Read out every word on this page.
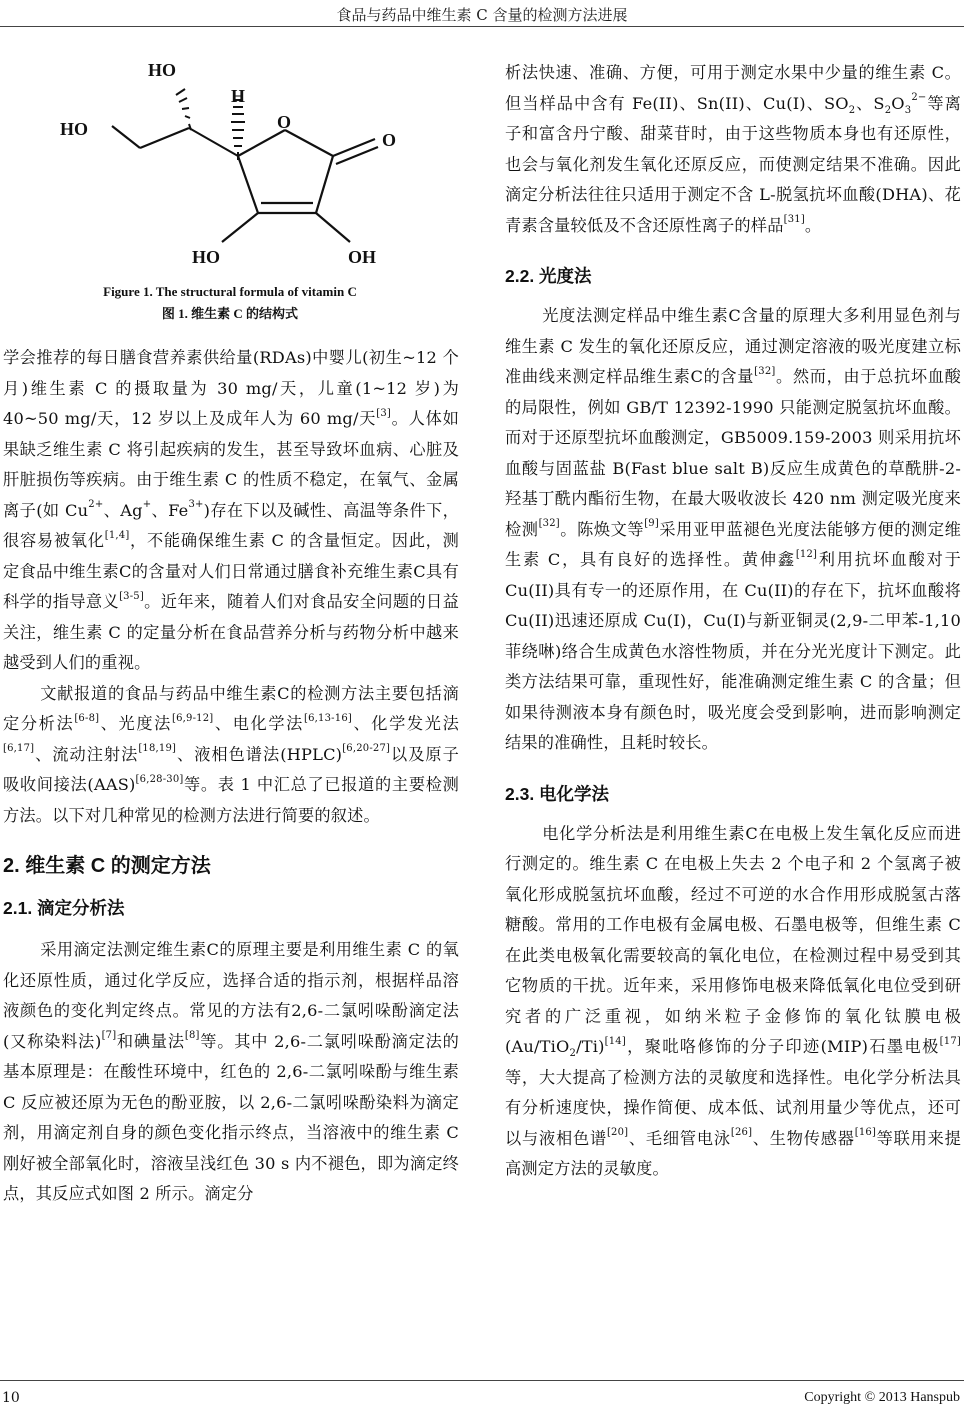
食品与药品中维生素 C 含量的检测方法进展
HO
H
HO	O
O
HO	OH
Figure 1. The structural formula of vitamin C
图 1. 维生素 C 的结构式

学会推荐的每日膳食营养素供给量(RDAs)中婴儿(初生~12 个月)维生素 C 的摄取量为 30 mg/天，儿童(1~12 岁)为 40~50 mg/天，12 岁以上及成年人为 60 mg/天[3]。人体如果缺乏维生素 C 将引起疾病的发生，甚至导致坏血病、心脏及肝脏损伤等疾病。由于维生素 C 的性质不稳定，在氧气、金属离子(如 $Cu^{2+}$、Ag+、$Fe^{3+}$)存在下以及碱性、高温等条件下，很容易被氧化[1,4]，不能确保维生素 C 的含量恒定。因此，测定食品中维生素C的含量对人们日常通过膳食补充维生素C具有科学的指导意义[3-5]。近年来，随着人们对食品安全问题的日益关注，维生素 C 的定量分析在食品营养分析与药物分析中越来越受到人们的重视。

文献报道的食品与药品中维生素C的检测方法主要包括滴定分析法[6-8]、光度法[6,9-12]、电化学法[6,13-16]、化学发光法[6,17]、流动注射法[18,19]、液相色谱法(HPLC)[6,20-27]以及原子吸收间接法(AAS)[6,28-30]等。表 1 中汇总了已报道的主要检测方法。以下对几种常见的检测方法进行简要的叙述。

2. 维生素 C 的测定方法
2.1. 滴定分析法

采用滴定法测定维生素C的原理主要是利用维生素 C 的氧化还原性质，通过化学反应，选择合适的指示剂，根据样品溶液颜色的变化判定终点。常见的方法有2,6-二氯吲哚酚滴定法(又称染料法)[7]和碘量法[8]等。其中 2,6-二氯吲哚酚滴定法的基本原理是：在酸性环境中，红色的 2,6-二氯吲哚酚与维生素 C 反应被还原为无色的酚亚胺，以 2,6-二氯吲哚酚染料为滴定剂，用滴定剂自身的颜色变化指示终点，当溶液中的维生素 C 刚好被全部氧化时，溶液呈浅红色 30 s 内不褪色，即为滴定终点，其反应式如图 2 所示。滴定分

析法快速、准确、方便，可用于测定水果中少量的维生素 C。但当样品中含有 Fe(II)、Sn(II)、Cu(I)、$SO_2$、$S_2O_3^{2-}$等离子和富含丹宁酸、甜菜苷时，由于这些物质本身也有还原性，也会与氧化剂发生氧化还原反应，而使测定结果不准确。因此滴定分析法往往只适用于测定不含 L-脱氢抗坏血酸(DHA)、花青素含量较低及不含还原性离子的样品[31]。

2.2. 光度法

光度法测定样品中维生素C含量的原理大多利用显色剂与维生素 C 发生的氧化还原反应，通过测定溶液的吸光度建立标准曲线来测定样品维生素C的含量[32]。然而，由于总抗坏血酸的局限性，例如 GB/T 12392-1990 只能测定脱氢抗坏血酸。而对于还原型抗坏血酸测定，GB5009.159-2003 则采用抗坏血酸与固蓝盐 B(Fast blue salt B)反应生成黄色的草酰肼-2-羟基丁酰内酯衍生物，在最大吸收波长 420 nm 测定吸光度来检测[32]。陈焕文等[9]采用亚甲蓝褪色光度法能够方便的测定维生素 C，具有良好的选择性。黄伸鑫[12]利用抗坏血酸对于 Cu(II)具有专一的还原作用，在 Cu(II)的存在下，抗坏血酸将 Cu(II)迅速还原成 Cu(I)，Cu(I)与新亚铜灵(2,9-二甲苯-1,10 菲绕啉)络合生成黄色水溶性物质，并在分光光度计下测定。此类方法结果可靠，重现性好，能准确测定维生素 C 的含量；但如果待测液本身有颜色时，吸光度会受到影响，进而影响测定结果的准确性，且耗时较长。

2.3. 电化学法

电化学分析法是利用维生素C在电极上发生氧化反应而进行测定的。维生素 C 在电极上失去 2 个电子和 2 个氢离子被氧化形成脱氢抗坏血酸，经过不可逆的水合作用形成脱氢古落糖酸。常用的工作电极有金属电极、石墨电极等，但维生素 C 在此类电极氧化需要较高的氧化电位，在检测过程中易受到其它物质的干扰。近年来，采用修饰电极来降低氧化电位受到研究者的广泛重视，如纳米粒子金修饰的氧化钛膜电极(Au/TiO$_2$/Ti)[14]，聚吡咯修饰的分子印迹(MIP)石墨电极[17]等，大大提高了检测方法的灵敏度和选择性。电化学分析法具有分析速度快，操作简便、成本低、试剂用量少等优点，还可以与液相色谱[20]、毛细管电泳[26]、生物传感器[16]等联用来提高测定方法的灵敏度。

10	Copyright © 2013 Hanspub
